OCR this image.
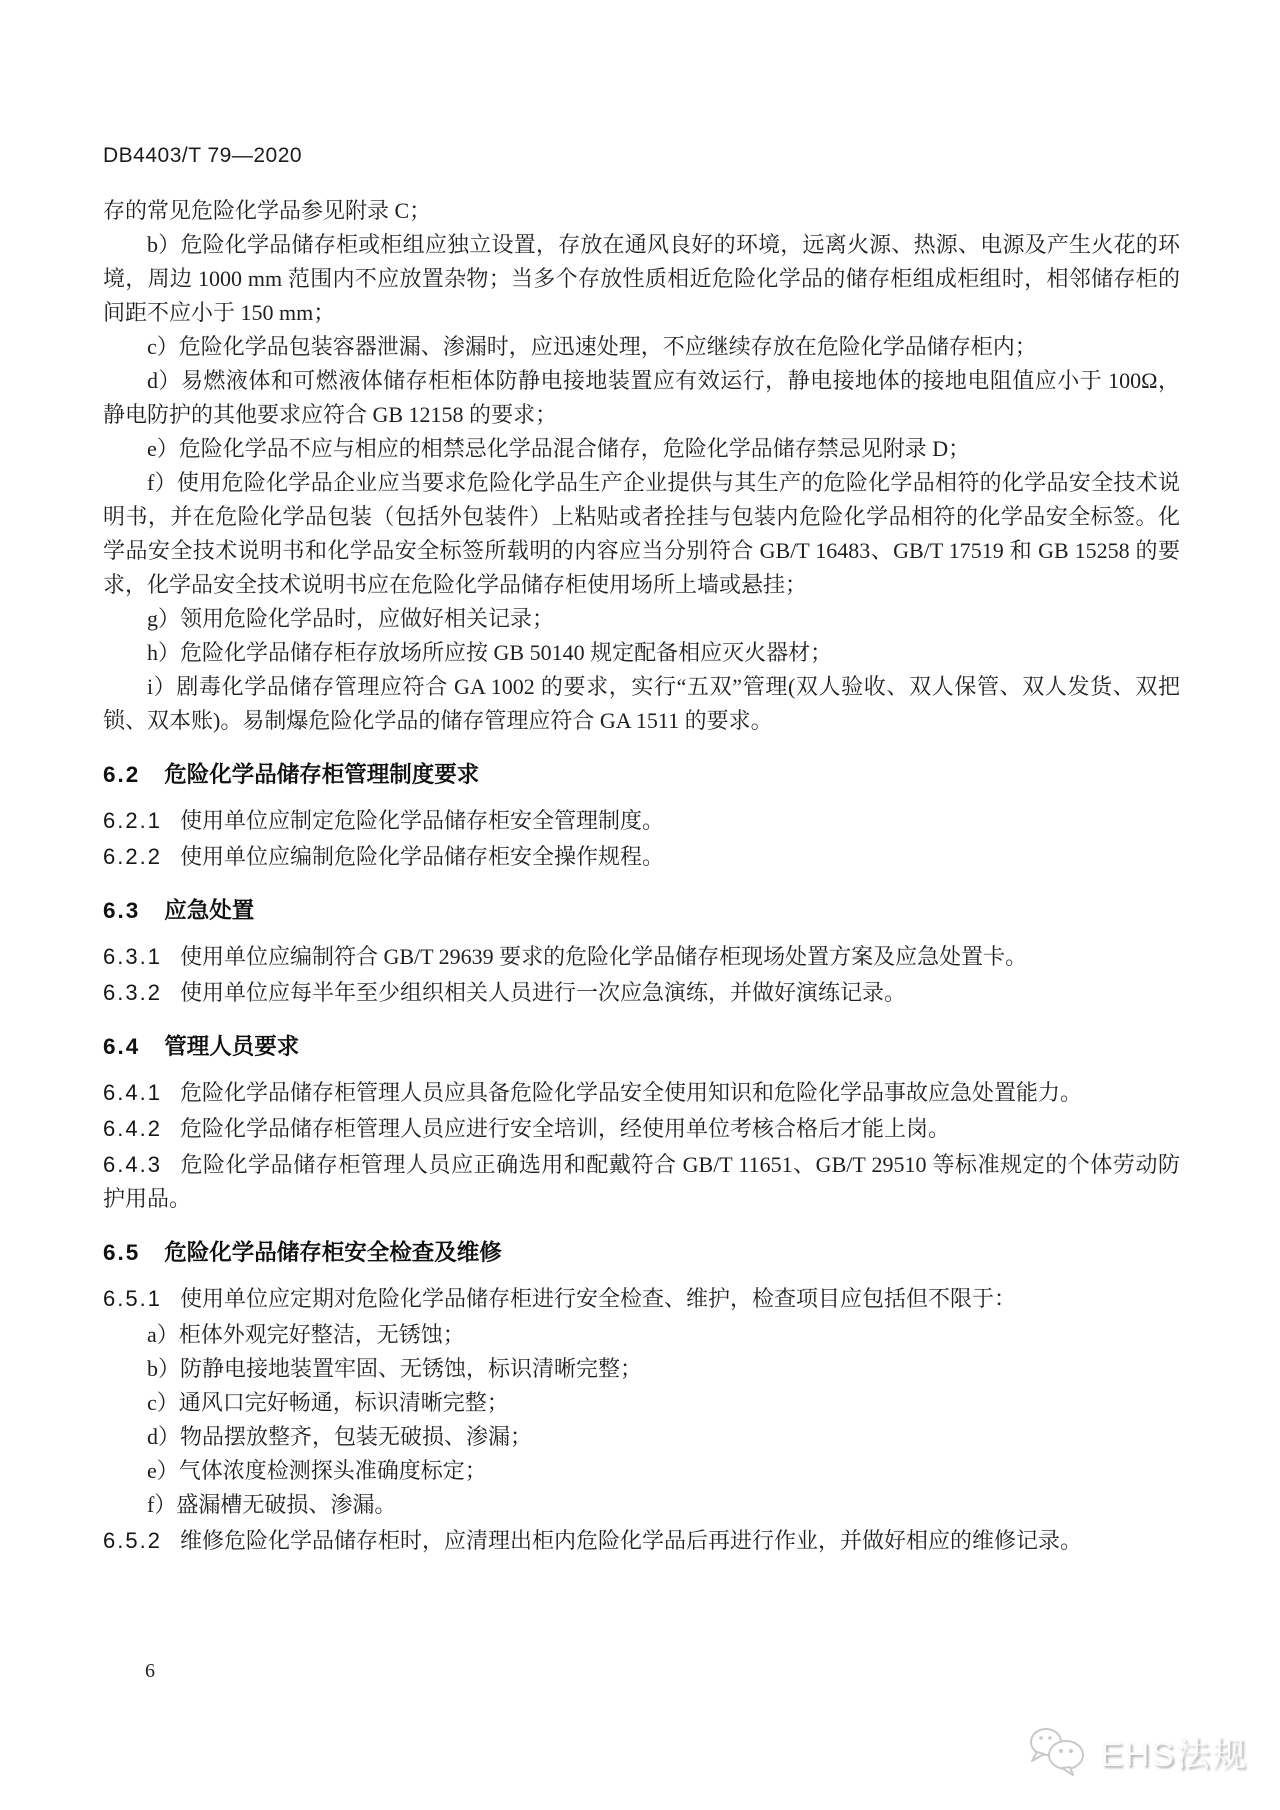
DB4403/T 79—2020

存的常见危险化学品参见附录 C；

b）危险化学品储存柜或柜组应独立设置，存放在通风良好的环境，远离火源、热源、电源及产生火花的环境，周边 1000 mm 范围内不应放置杂物；当多个存放性质相近危险化学品的储存柜组成柜组时，相邻储存柜的间距不应小于 150 mm；

c）危险化学品包装容器泄漏、渗漏时，应迅速处理，不应继续存放在危险化学品储存柜内；

d）易燃液体和可燃液体储存柜柜体防静电接地装置应有效运行，静电接地体的接地电阻值应小于 100Ω，静电防护的其他要求应符合 GB 12158 的要求；

e）危险化学品不应与相应的相禁忌化学品混合储存，危险化学品储存禁忌见附录 D；

f）使用危险化学品企业应当要求危险化学品生产企业提供与其生产的危险化学品相符的化学品安全技术说明书，并在危险化学品包装（包括外包装件）上粘贴或者拴挂与包装内危险化学品相符的化学品安全标签。化学品安全技术说明书和化学品安全标签所载明的内容应当分别符合 GB/T 16483、GB/T 17519 和 GB 15258 的要求，化学品安全技术说明书应在危险化学品储存柜使用场所上墙或悬挂；

g）领用危险化学品时，应做好相关记录；

h）危险化学品储存柜存放场所应按 GB 50140 规定配备相应灭火器材；

i）剧毒化学品储存管理应符合 GA 1002 的要求，实行“五双”管理(双人验收、双人保管、双人发货、双把锁、双本账)。易制爆危险化学品的储存管理应符合 GA 1511 的要求。

6.2 危险化学品储存柜管理制度要求

6.2.1 使用单位应制定危险化学品储存柜安全管理制度。

6.2.2 使用单位应编制危险化学品储存柜安全操作规程。

6.3 应急处置

6.3.1 使用单位应编制符合 GB/T 29639 要求的危险化学品储存柜现场处置方案及应急处置卡。

6.3.2 使用单位应每半年至少组织相关人员进行一次应急演练，并做好演练记录。

6.4 管理人员要求

6.4.1 危险化学品储存柜管理人员应具备危险化学品安全使用知识和危险化学品事故应急处置能力。

6.4.2 危险化学品储存柜管理人员应进行安全培训，经使用单位考核合格后才能上岗。

6.4.3 危险化学品储存柜管理人员应正确选用和配戴符合 GB/T 11651、GB/T 29510 等标准规定的个体劳动防护用品。

6.5 危险化学品储存柜安全检查及维修

6.5.1 使用单位应定期对危险化学品储存柜进行安全检查、维护，检查项目应包括但不限于：

a）柜体外观完好整洁，无锈蚀；

b）防静电接地装置牢固、无锈蚀，标识清晰完整；

c）通风口完好畅通，标识清晰完整；

d）物品摆放整齐，包装无破损、渗漏；

e）气体浓度检测探头准确度标定；

f）盛漏槽无破损、渗漏。

6.5.2 维修危险化学品储存柜时，应清理出柜内危险化学品后再进行作业，并做好相应的维修记录。

6
EHS法规
